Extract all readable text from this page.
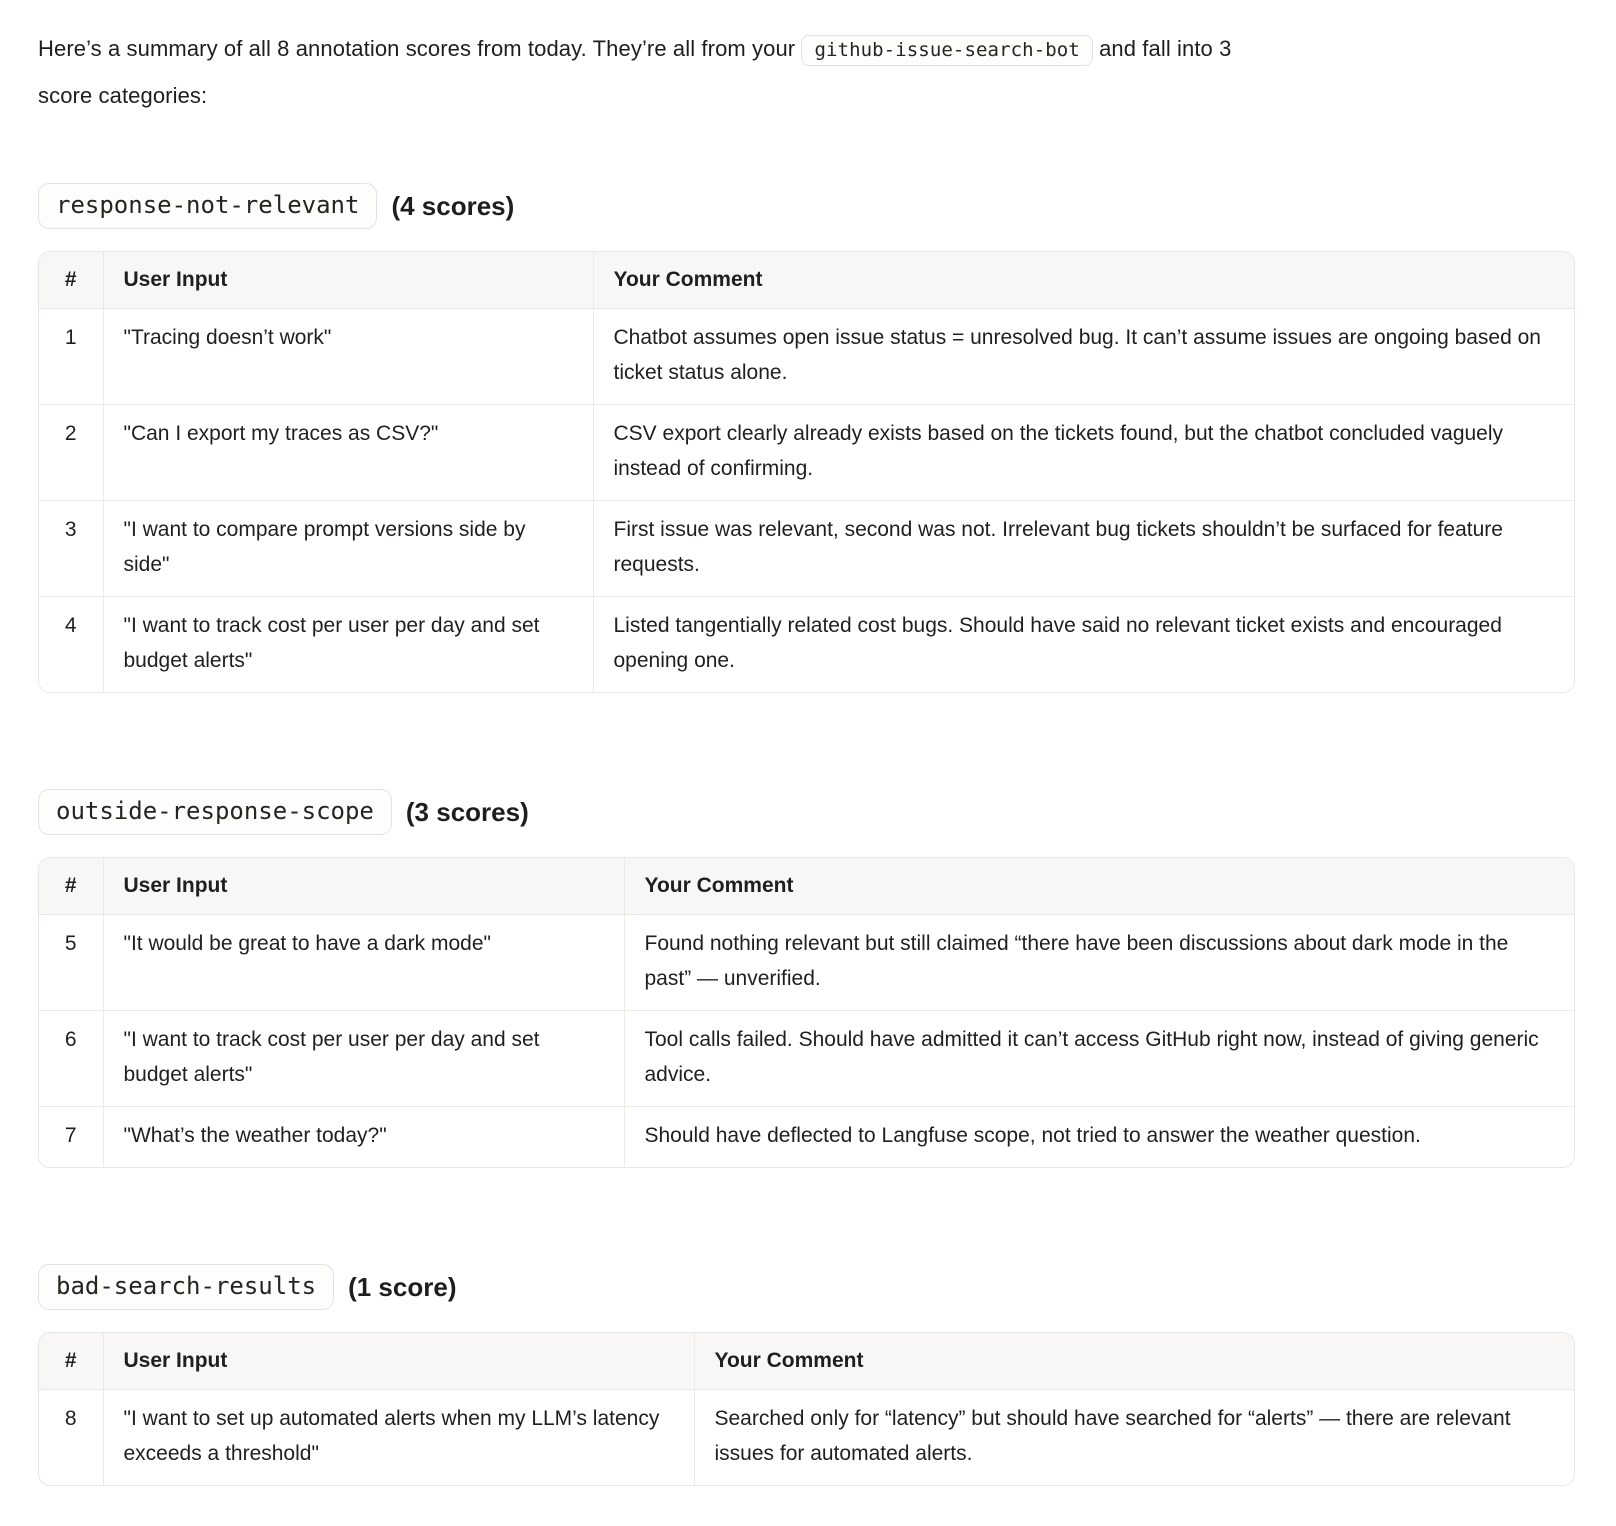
Here’s a summary of all 8 annotation scores from today. They’re all from your github-issue-search-bot and fall into 3
score categories:

response-not-relevant	(4 scores)
#	User Input	Your Comment
1	"Tracing doesn’t work"	Chatbot assumes open issue status = unresolved bug. It can’t assume issues are ongoing based on ticket status alone.
2	"Can I export my traces as CSV?"	CSV export clearly already exists based on the tickets found, but the chatbot concluded vaguely instead of confirming.
3	"I want to compare prompt versions side by side"	First issue was relevant, second was not. Irrelevant bug tickets shouldn’t be surfaced for feature requests.
4	"I want to track cost per user per day and set budget alerts"	Listed tangentially related cost bugs. Should have said no relevant ticket exists and encouraged opening one.
outside-response-scope	(3 scores)
#	User Input	Your Comment
5	"It would be great to have a dark mode"	Found nothing relevant but still claimed “there have been discussions about dark mode in the past” — unverified.
6	"I want to track cost per user per day and set budget alerts"	Tool calls failed. Should have admitted it can’t access GitHub right now, instead of giving generic advice.
7	"What’s the weather today?"	Should have deflected to Langfuse scope, not tried to answer the weather question.
bad-search-results	(1 score)
#	User Input	Your Comment
8	"I want to set up automated alerts when my LLM’s latency exceeds a threshold"	Searched only for “latency” but should have searched for “alerts” — there are relevant issues for automated alerts.
